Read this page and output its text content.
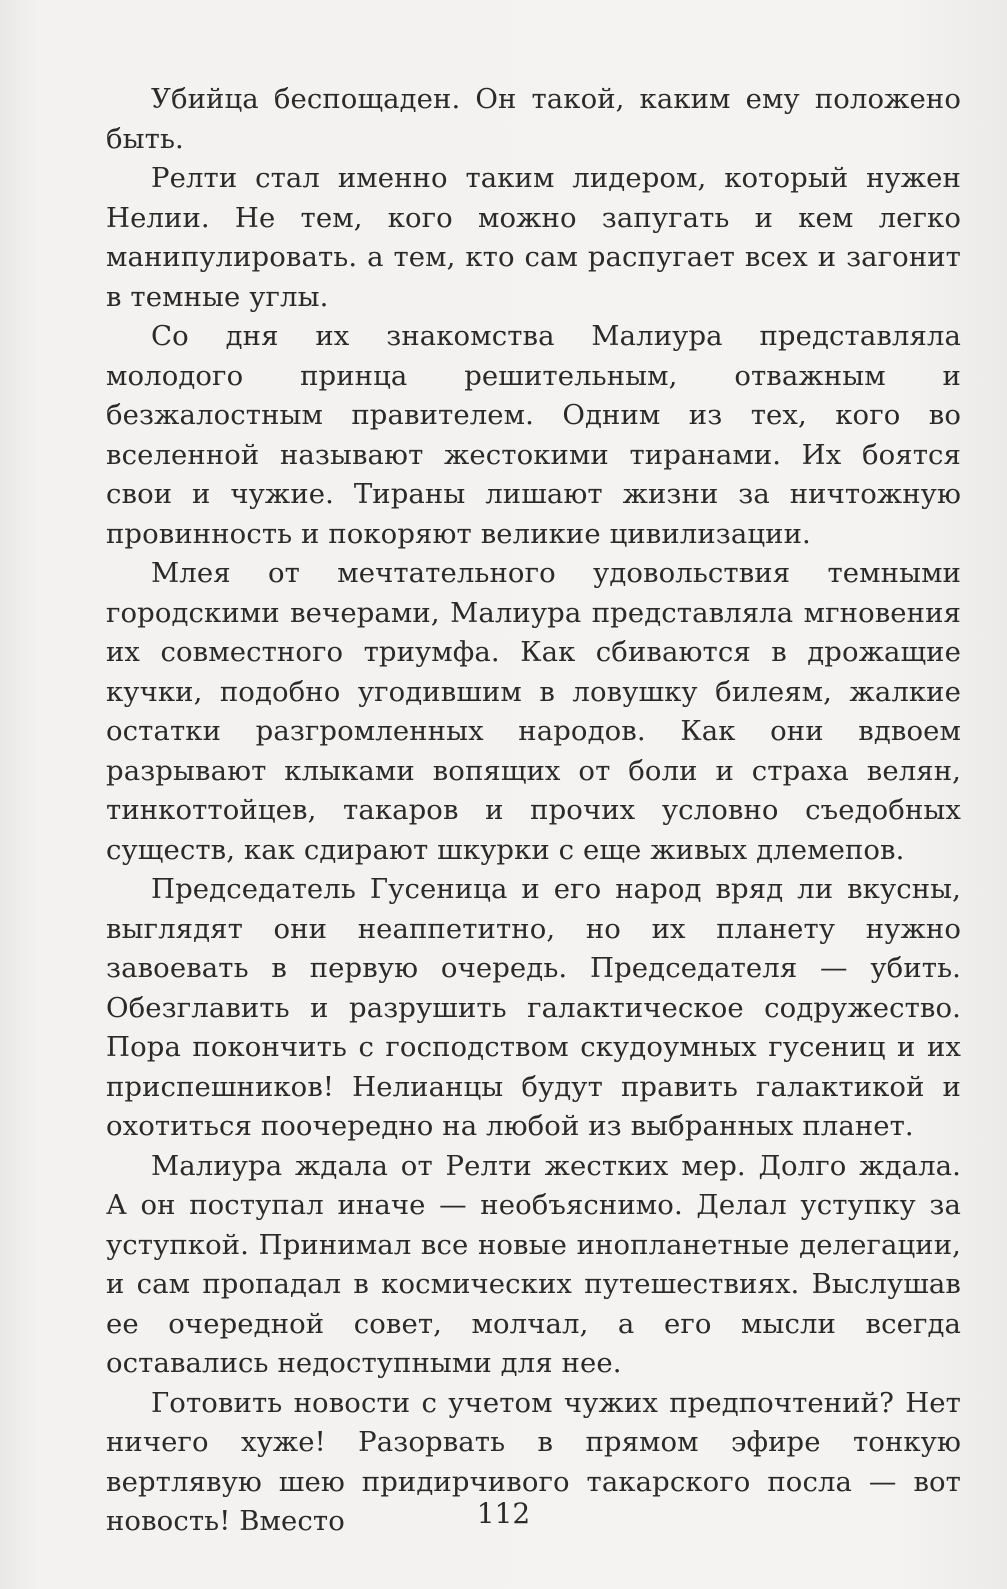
Убийца беспощаден. Он такой, каким ему положено быть.

Релти стал именно таким лидером, который нужен Нелии. Не тем, кого можно запугать и кем легко манипулировать. а тем, кто сам распугает всех и загонит в темные углы.

Со дня их знакомства Малиура представляла молодого принца решительным, отважным и безжалостным правителем. Одним из тех, кого во вселенной называют жестокими тиранами. Их боятся свои и чужие. Тираны лишают жизни за ничтожную провинность и покоряют великие цивилизации.

Млея от мечтательного удовольствия темными городскими вечерами, Малиура представляла мгновения их совместного триумфа. Как сбиваются в дрожащие кучки, подобно угодившим в ловушку билеям, жалкие остатки разгромленных народов. Как они вдвоем разрывают клыками вопящих от боли и страха велян, тинкоттойцев, такаров и прочих условно съедобных существ, как сдирают шкурки с еще живых длемепов.

Председатель Гусеница и его народ вряд ли вкусны, выглядят они неаппетитно, но их планету нужно завоевать в первую очередь. Председателя — убить. Обезглавить и разрушить галактическое содружество. Пора покончить с господством скудоумных гусениц и их приспешников! Нелианцы будут править галактикой и охотиться поочередно на любой из выбранных планет.

Малиура ждала от Релти жестких мер. Долго ждала. А он поступал иначе — необъяснимо. Делал уступку за уступкой. Принимал все новые инопланетные делегации, и сам пропадал в космических путешествиях. Выслушав ее очередной совет, молчал, а его мысли всегда оставались недоступными для нее.

Готовить новости с учетом чужих предпочтений? Нет ничего хуже! Разорвать в прямом эфире тонкую вертлявую шею придирчивого такарского посла — вот новость! Вместо	112
